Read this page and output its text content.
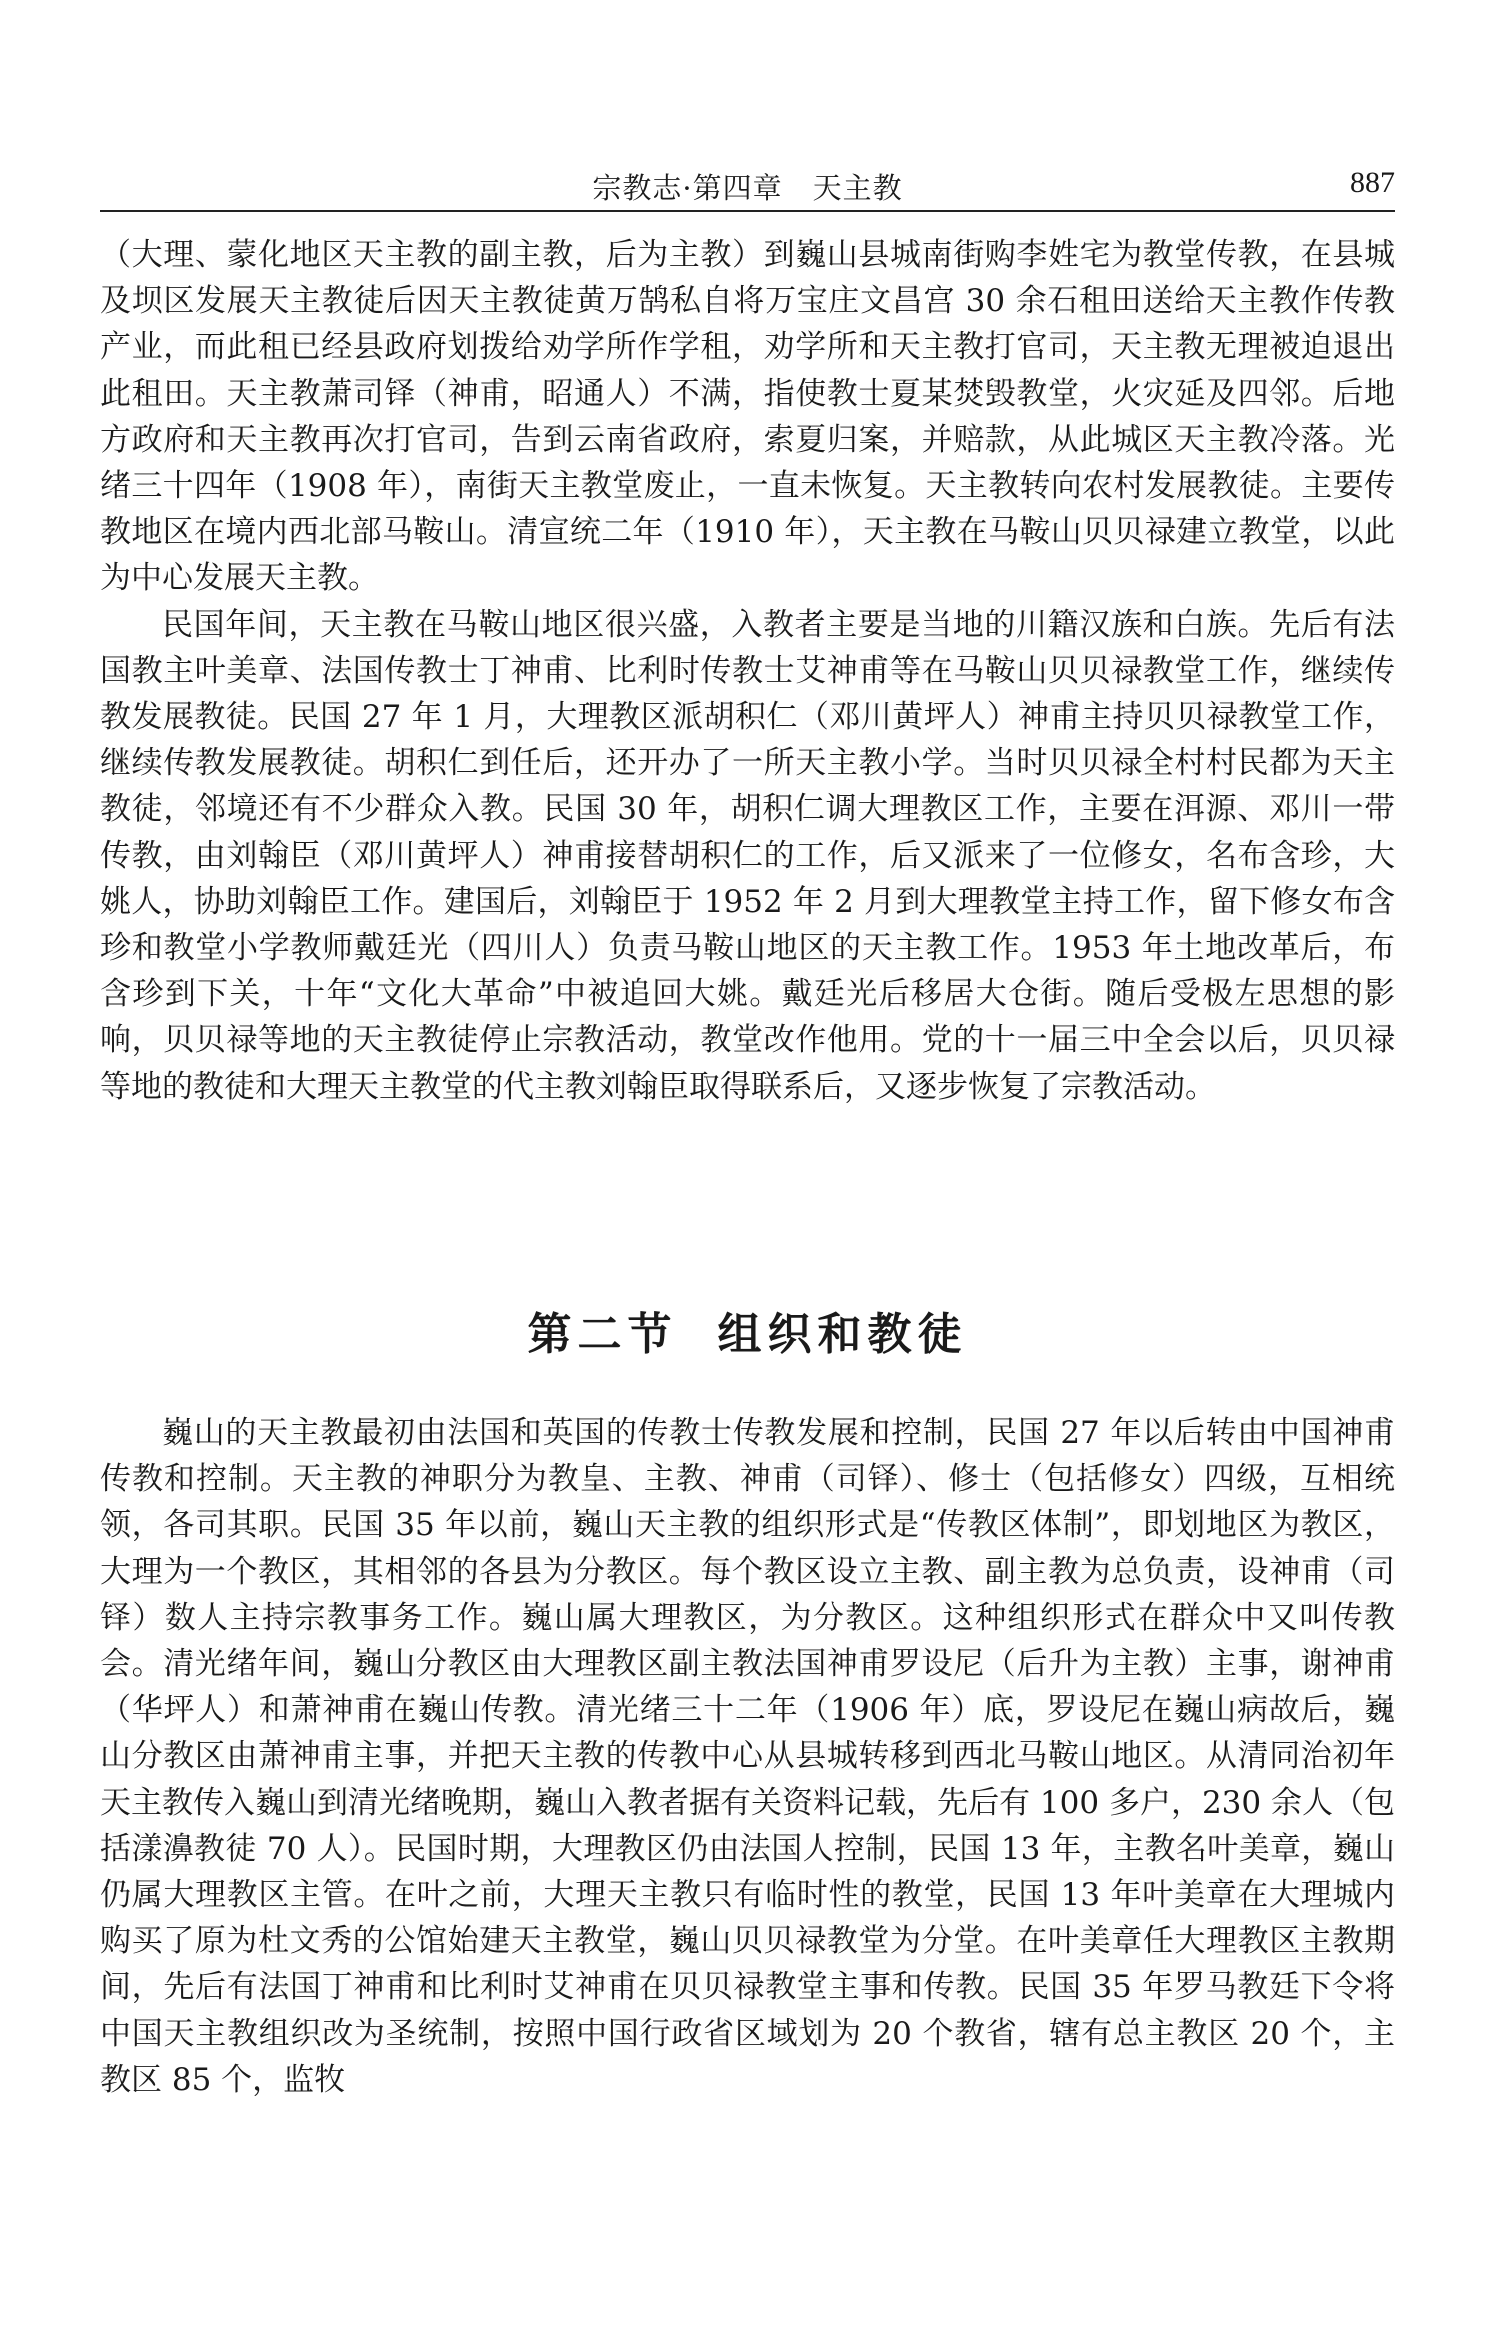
宗教志·第四章　天主教	887

（大理、蒙化地区天主教的副主教，后为主教）到巍山县城南街购李姓宅为教堂传教，在县城及坝区发展天主教徒后因天主教徒黄万鹄私自将万宝庄文昌宫 30 余石租田送给天主教作传教产业，而此租已经县政府划拨给劝学所作学租，劝学所和天主教打官司，天主教无理被迫退出此租田。天主教萧司铎（神甫，昭通人）不满，指使教士夏某焚毁教堂，火灾延及四邻。后地方政府和天主教再次打官司，告到云南省政府，索夏归案，并赔款，从此城区天主教冷落。光绪三十四年（1908 年），南街天主教堂废止，一直未恢复。天主教转向农村发展教徒。主要传教地区在境内西北部马鞍山。清宣统二年（1910 年），天主教在马鞍山贝贝禄建立教堂，以此为中心发展天主教。

民国年间，天主教在马鞍山地区很兴盛，入教者主要是当地的川籍汉族和白族。先后有法国教主叶美章、法国传教士丁神甫、比利时传教士艾神甫等在马鞍山贝贝禄教堂工作，继续传教发展教徒。民国 27 年 1 月，大理教区派胡积仁（邓川黄坪人）神甫主持贝贝禄教堂工作，继续传教发展教徒。胡积仁到任后，还开办了一所天主教小学。当时贝贝禄全村村民都为天主教徒，邻境还有不少群众入教。民国 30 年，胡积仁调大理教区工作，主要在洱源、邓川一带传教，由刘翰臣（邓川黄坪人）神甫接替胡积仁的工作，后又派来了一位修女，名布含珍，大姚人，协助刘翰臣工作。建国后，刘翰臣于 1952 年 2 月到大理教堂主持工作，留下修女布含珍和教堂小学教师戴廷光（四川人）负责马鞍山地区的天主教工作。1953 年土地改革后，布含珍到下关，十年“文化大革命”中被追回大姚。戴廷光后移居大仓街。随后受极左思想的影响，贝贝禄等地的天主教徒停止宗教活动，教堂改作他用。党的十一届三中全会以后，贝贝禄等地的教徒和大理天主教堂的代主教刘翰臣取得联系后，又逐步恢复了宗教活动。

第二节 组织和教徒

巍山的天主教最初由法国和英国的传教士传教发展和控制，民国 27 年以后转由中国神甫传教和控制。天主教的神职分为教皇、主教、神甫（司铎）、修士（包括修女）四级，互相统领，各司其职。民国 35 年以前，巍山天主教的组织形式是“传教区体制”，即划地区为教区，大理为一个教区，其相邻的各县为分教区。每个教区设立主教、副主教为总负责，设神甫（司铎）数人主持宗教事务工作。巍山属大理教区，为分教区。这种组织形式在群众中又叫传教会。清光绪年间，巍山分教区由大理教区副主教法国神甫罗设尼（后升为主教）主事，谢神甫（华坪人）和萧神甫在巍山传教。清光绪三十二年（1906 年）底，罗设尼在巍山病故后，巍山分教区由萧神甫主事，并把天主教的传教中心从县城转移到西北马鞍山地区。从清同治初年天主教传入巍山到清光绪晚期，巍山入教者据有关资料记载，先后有 100 多户，230 余人（包括漾濞教徒 70 人）。民国时期，大理教区仍由法国人控制，民国 13 年，主教名叶美章，巍山仍属大理教区主管。在叶之前，大理天主教只有临时性的教堂，民国 13 年叶美章在大理城内购买了原为杜文秀的公馆始建天主教堂，巍山贝贝禄教堂为分堂。在叶美章任大理教区主教期间，先后有法国丁神甫和比利时艾神甫在贝贝禄教堂主事和传教。民国 35 年罗马教廷下令将中国天主教组织改为圣统制，按照中国行政省区域划为 20 个教省，辖有总主教区 20 个，主教区 85 个，监牧
